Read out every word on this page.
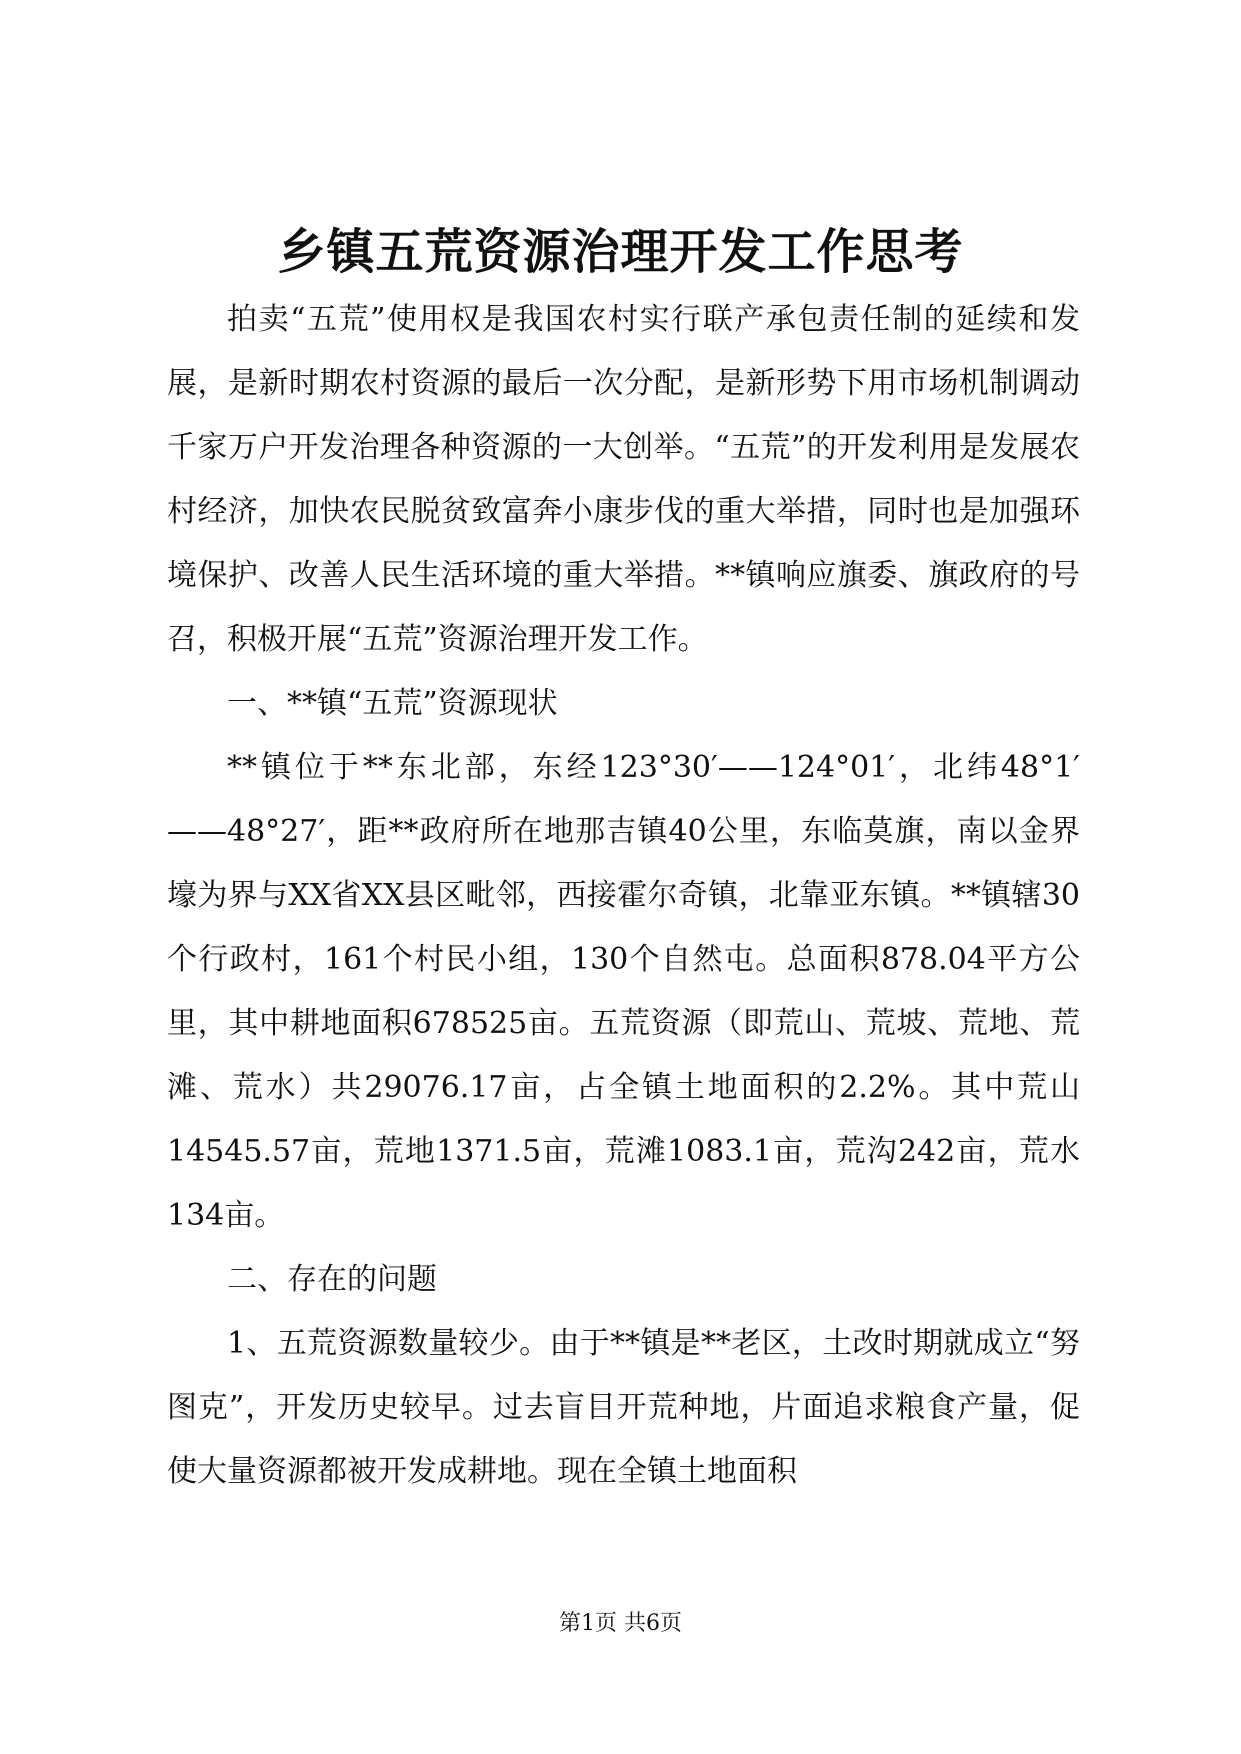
乡镇五荒资源治理开发工作思考

拍卖“五荒”使用权是我国农村实行联产承包责任制的延续和发展，是新时期农村资源的最后一次分配，是新形势下用市场机制调动千家万户开发治理各种资源的一大创举。“五荒”的开发利用是发展农村经济，加快农民脱贫致富奔小康步伐的重大举措，同时也是加强环境保护、改善人民生活环境的重大举措。**镇响应旗委、旗政府的号召，积极开展“五荒”资源治理开发工作。

一、**镇“五荒”资源现状

**镇位于**东北部，东经123°30′——124°01′，北纬48°1′——48°27′，距**政府所在地那吉镇40公里，东临莫旗，南以金界壕为界与XX省XX县区毗邻，西接霍尔奇镇，北靠亚东镇。**镇辖30个行政村，161个村民小组，130个自然屯。总面积878.04平方公里，其中耕地面积678525亩。五荒资源（即荒山、荒坡、荒地、荒滩、荒水）共29076.17亩，占全镇土地面积的2.2%。其中荒山14545.57亩，荒地1371.5亩，荒滩1083.1亩，荒沟242亩，荒水134亩。

二、存在的问题

1、五荒资源数量较少。由于**镇是**老区，土改时期就成立“努图克”，开发历史较早。过去盲目开荒种地，片面追求粮食产量，促使大量资源都被开发成耕地。现在全镇土地面积

第1页 共6页
